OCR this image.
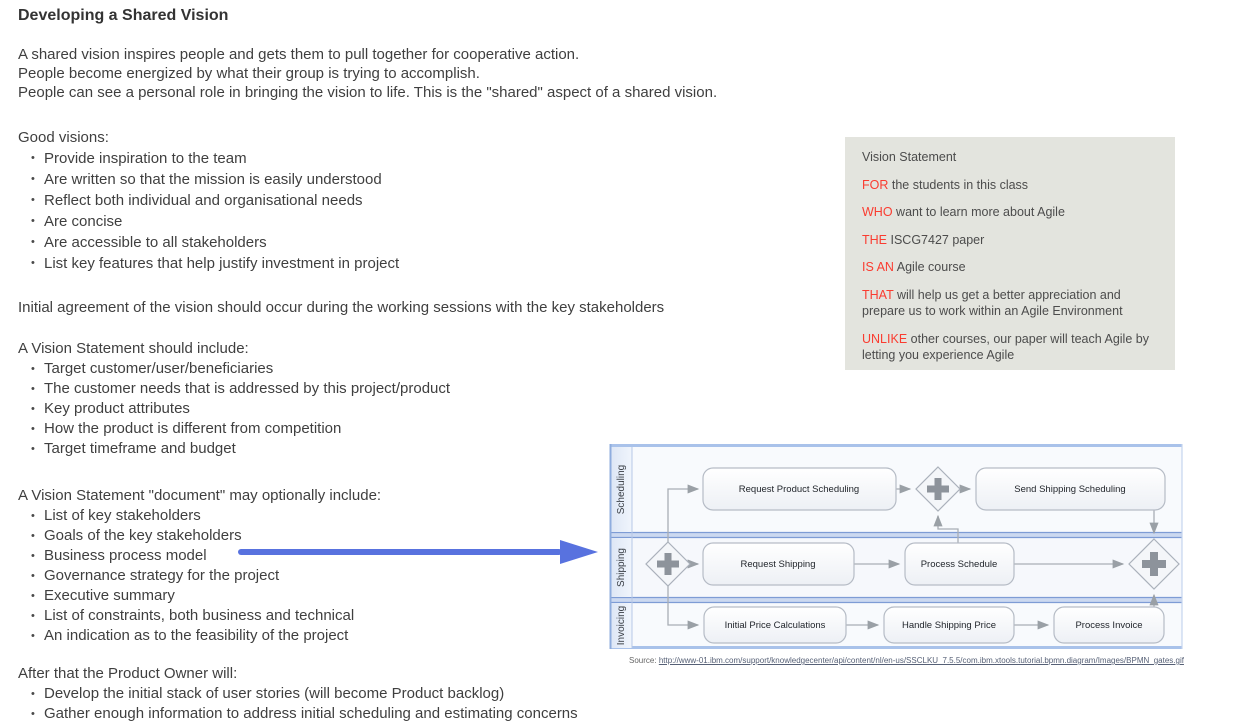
Developing a Shared Vision
A shared vision inspires people and gets them to pull together for cooperative action.
People become energized by what their group is trying to accomplish.
People can see a personal role in bringing the vision to life. This is the "shared" aspect of a shared vision.
Good visions:
• Provide inspiration to the team
• Are written so that the mission is easily understood
• Reflect both individual and organisational needs
• Are concise
• Are accessible to all stakeholders
• List key features that help justify investment in project

Initial agreement of the vision should occur during the working sessions with the key stakeholders

A Vision Statement should include:
• Target customer/user/beneficiaries
• The customer needs that is addressed by this project/product
• Key product attributes
• How the product is different from competition
• Target timeframe and budget
A Vision Statement "document" may optionally include:
• List of key stakeholders
• Goals of the key stakeholders
• Business process model
• Governance strategy for the project
• Executive summary
• List of constraints, both business and technical
• An indication as to the feasibility of the project
After that the Product Owner will:
• Develop the initial stack of user stories (will become Product backlog)
• Gather enough information to address initial scheduling and estimating concerns

Vision Statement

FOR the students in this class

WHO want to learn more about Agile

THE ISCG7427 paper

IS AN Agile course

THAT will help us get a better appreciation and prepare us to work within an Agile Environment

UNLIKE other courses, our paper will teach Agile by letting you experience Agile

Scheduling
Shipping
Invoicing
Request Product Scheduling	Send Shipping Scheduling
Request Shipping	Process Schedule
Initial Price Calculations	Handle Shipping Price	Process Invoice
Source: http://www-01.ibm.com/support/knowledgecenter/api/content/nl/en-us/SSCLKU_7.5.5/com.ibm.xtools.tutorial.bpmn.diagram/Images/BPMN_gates.gif
